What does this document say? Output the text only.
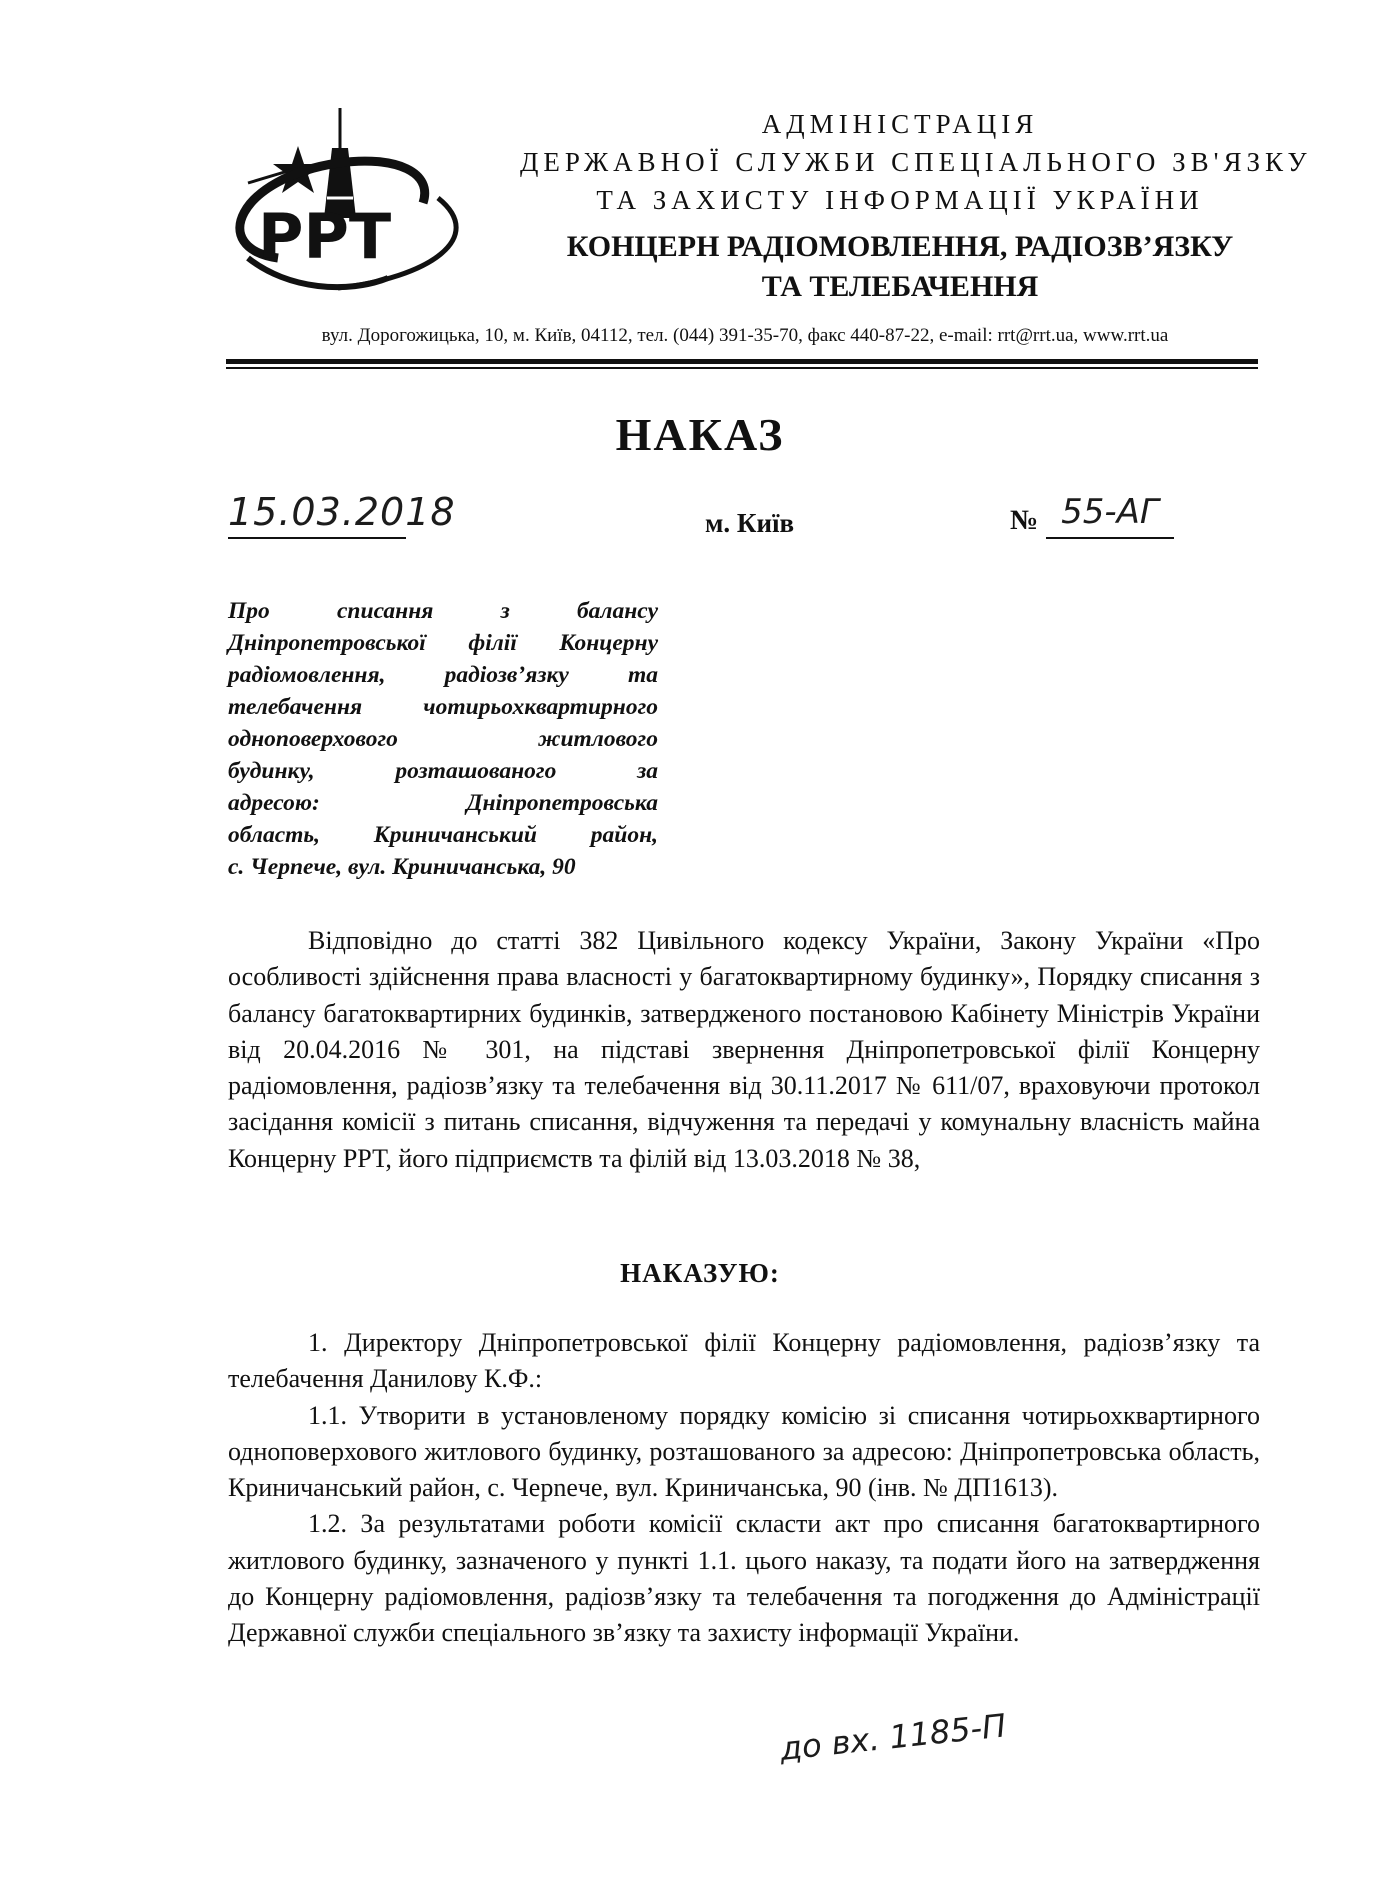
РРТ
АДМІНІСТРАЦІЯ
ДЕРЖАВНОЇ СЛУЖБИ СПЕЦІАЛЬНОГО ЗВ'ЯЗКУ
ТА ЗАХИСТУ ІНФОРМАЦІЇ УКРАЇНИ
КОНЦЕРН РАДІОМОВЛЕННЯ, РАДІОЗВ’ЯЗКУ
ТА ТЕЛЕБАЧЕННЯ
вул. Дорогожицька, 10, м. Київ, 04112, тел. (044) 391-35-70, факс 440-87-22, e-mail: rrt@rrt.ua, www.rrt.ua
НАКАЗ
15.03.2018	м. Київ	№ 55-АГ
Про списання з балансу
Дніпропетровської філії Концерну
радіомовлення, радіозв’язку та
телебачення чотирьохквартирного
одноповерхового житлового
будинку, розташованого за
адресою: Дніпропетровська
область, Криничанський район,
с. Черneче, вул. Криничанська, 90

Відповідно до статті 382 Цивільного кодексу України, Закону України «Про особливості здійснення права власності у багатоквартирному будинку», Порядку списання з балансу багатоквартирних будинків, затвердженого постановою Кабінету Міністрів України від 20.04.2016 № 301, на підставі звернення Дніпропетровської філії Концерну радіомовлення, радіозв’язку та телебачення від 30.11.2017 № 611/07, враховуючи протокол засідання комісії з питань списання, відчуження та передачі у комунальну власність майна Концерну РРТ, його підприємств та філій від 13.03.2018 № 38,

НАКАЗУЮ:

1. Директору Дніпропетровської філії Концерну радіомовлення, радіозв’язку та телебачення Данилову К.Ф.:

1.1. Утворити в установленому порядку комісію зі списання чотирьохквартирного одноповерхового житлового будинку, розташованого за адресою: Дніпропетровська область, Криничанський район, с. Черneче, вул. Криничанська, 90 (інв. № ДП1613).

1.2. За результатами роботи комісії скласти акт про списання багатоквартирного житлового будинку, зазначеного у пункті 1.1. цього наказу, та подати його на затвердження до Концерну радіомовлення, радіозв’язку та телебачення та погодження до Адміністрації Державної служби спеціального зв’язку та захисту інформації України.

до вх. 1185-П
